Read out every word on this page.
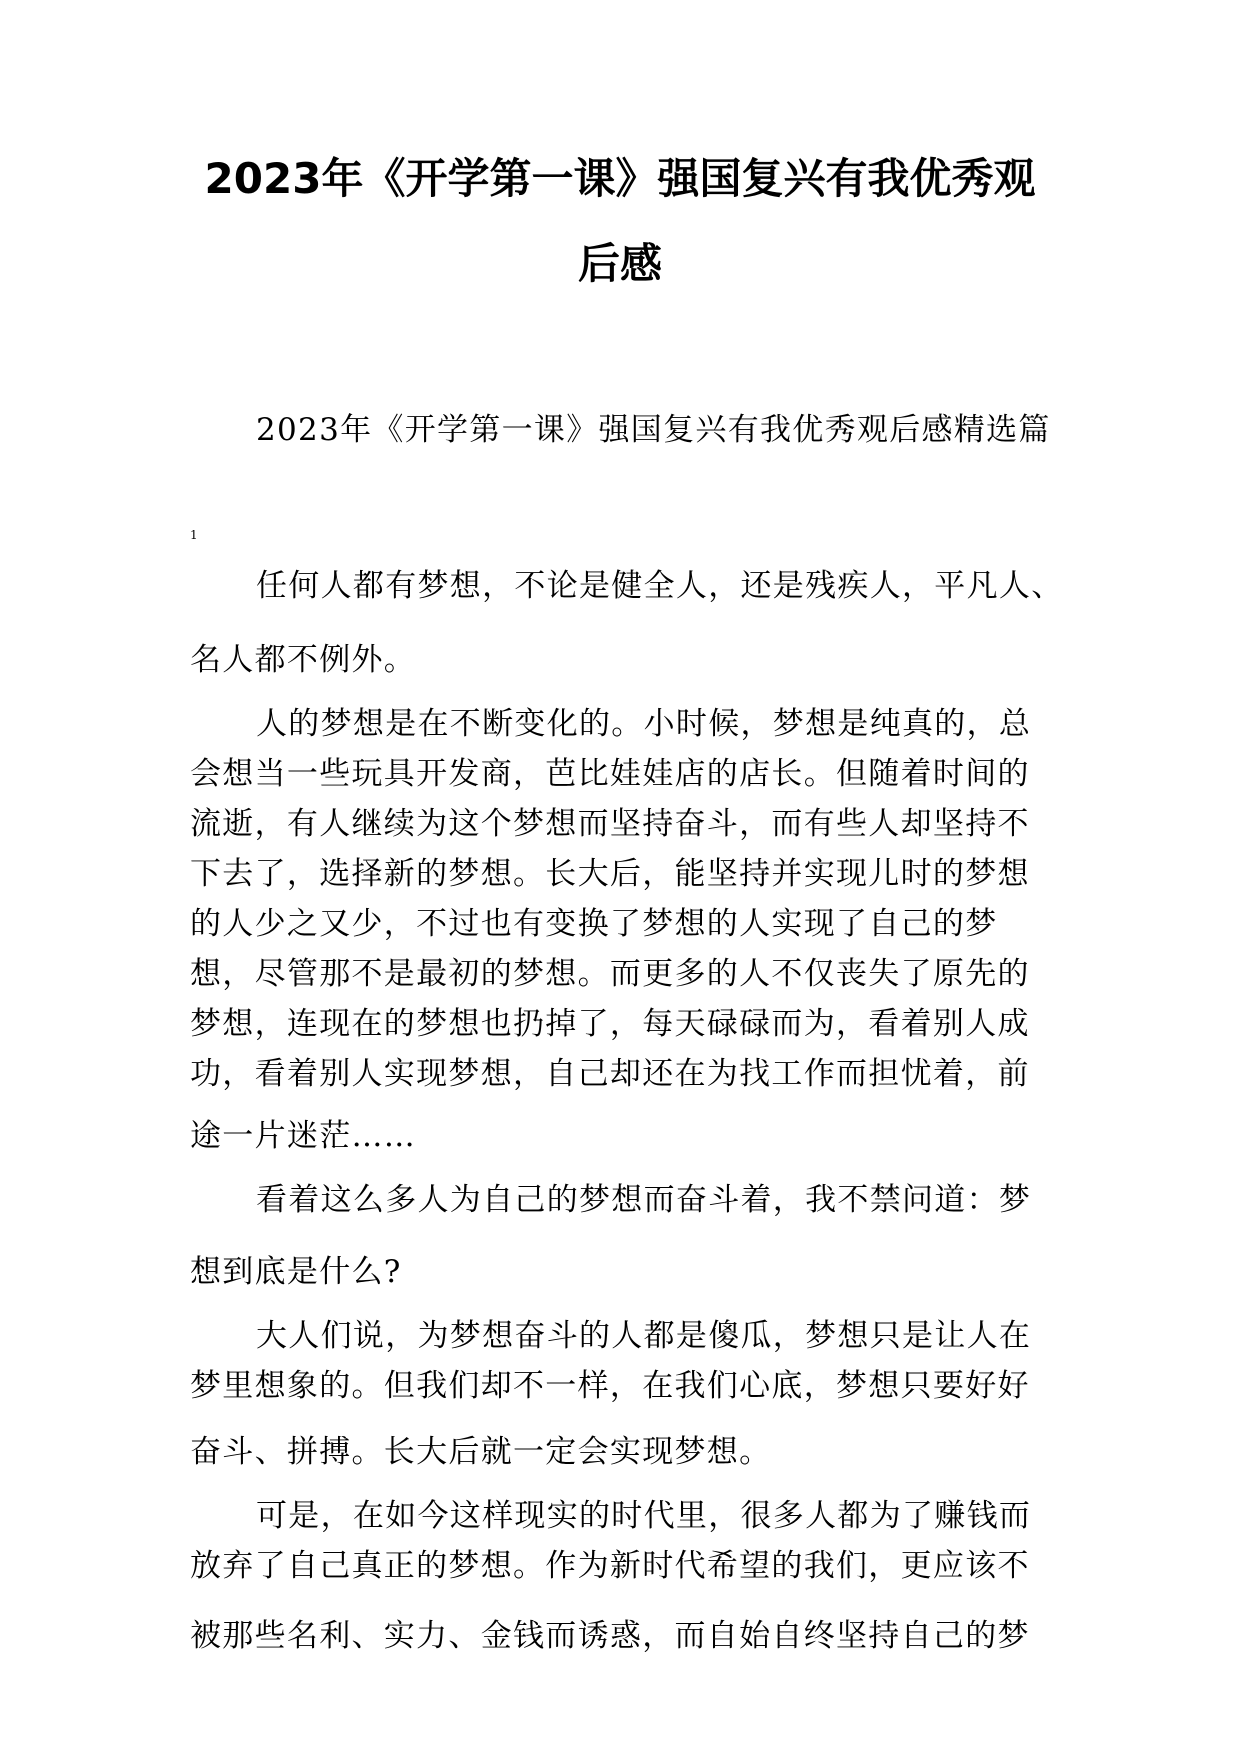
2023年《开学第一课》强国复兴有我优秀观
后感
2023年《开学第一课》强国复兴有我优秀观后感精选篇
1
任何人都有梦想，不论是健全人，还是残疾人，平凡人、
名人都不例外。
人的梦想是在不断变化的。小时候，梦想是纯真的，总
会想当一些玩具开发商，芭比娃娃店的店长。但随着时间的
流逝，有人继续为这个梦想而坚持奋斗，而有些人却坚持不
下去了，选择新的梦想。长大后，能坚持并实现儿时的梦想
的人少之又少，不过也有变换了梦想的人实现了自己的梦
想，尽管那不是最初的梦想。而更多的人不仅丧失了原先的
梦想，连现在的梦想也扔掉了，每天碌碌而为，看着别人成
功，看着别人实现梦想，自己却还在为找工作而担忧着，前
途一片迷茫……
看着这么多人为自己的梦想而奋斗着，我不禁问道：梦
想到底是什么?
大人们说，为梦想奋斗的人都是傻瓜，梦想只是让人在
梦里想象的。但我们却不一样，在我们心底，梦想只要好好
奋斗、拼搏。长大后就一定会实现梦想。
可是，在如今这样现实的时代里，很多人都为了赚钱而
放弃了自己真正的梦想。作为新时代希望的我们，更应该不
被那些名利、实力、金钱而诱惑，而自始自终坚持自己的梦
